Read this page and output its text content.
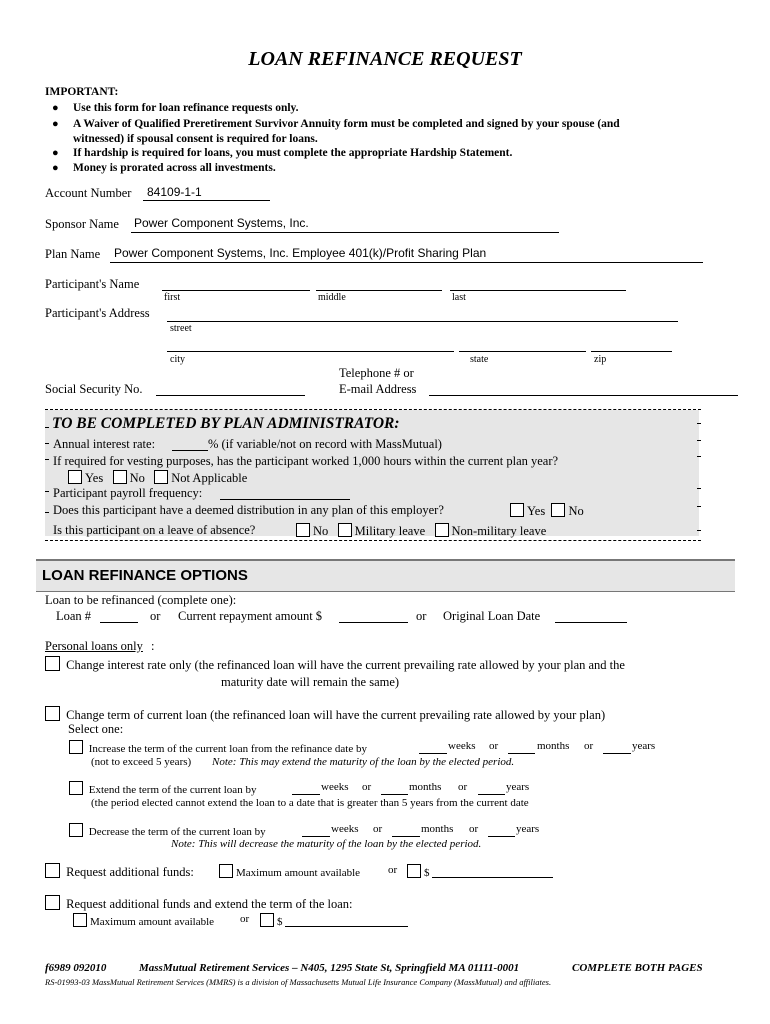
LOAN REFINANCE REQUEST
IMPORTANT:
● Use this form for loan refinance requests only.
● A Waiver of Qualified Preretirement Survivor Annuity form must be completed and signed by your spouse (and
witnessed) if spousal consent is required for loans.
● If hardship is required for loans, you must complete the appropriate Hardship Statement.
● Money is prorated across all investments.
Account Number 84109-1-1
Sponsor Name Power Component Systems, Inc.
Plan Name Power Component Systems, Inc. Employee 401(k)/Profit Sharing Plan
Participant's Name
first	middle	last
Participant's Address
street
city	state	zip
Social Security No.
Telephone # or
E-mail Address
TO BE COMPLETED BY PLAN ADMINISTRATOR:
Annual interest rate:	% (if variable/not on record with MassMutual)
If required for vesting purposes, has the participant worked 1,000 hours within the current plan year?
Yes No Not Applicable
Participant payroll frequency:
Does this participant have a deemed distribution in any plan of this employer?	Yes No
Is this participant on a leave of absence?	No Military leave Non-military leave
LOAN REFINANCE OPTIONS
Loan to be refinanced (complete one):
Loan #	or Current repayment amount $	or Original Loan Date
Personal loans only :
Change interest rate only (the refinanced loan will have the current prevailing rate allowed by your plan and the
maturity date will remain the same)
Change term of current loan (the refinanced loan will have the current prevailing rate allowed by your plan)
Select one:
Increase the term of the current loan from the refinance date by	weeks or	months or	years
(not to exceed 5 years) Note: This may extend the maturity of the loan by the elected period.
Extend the term of the current loan by	weeks or	months or	years
(the period elected cannot extend the loan to a date that is greater than 5 years from the current date
Decrease the term of the current loan by	weeks or	months or	years
Note: This will decrease the maturity of the loan by the elected period.
Request additional funds:	Maximum amount available	or	$
Request additional funds and extend the term of the loan:
Maximum amount available or	$
f6989 092010	MassMutual Retirement Services – N405, 1295 State St, Springfield MA 01111-0001	COMPLETE BOTH PAGES
RS-01993-03 MassMutual Retirement Services (MMRS) is a division of Massachusetts Mutual Life Insurance Company (MassMutual) and affiliates.
